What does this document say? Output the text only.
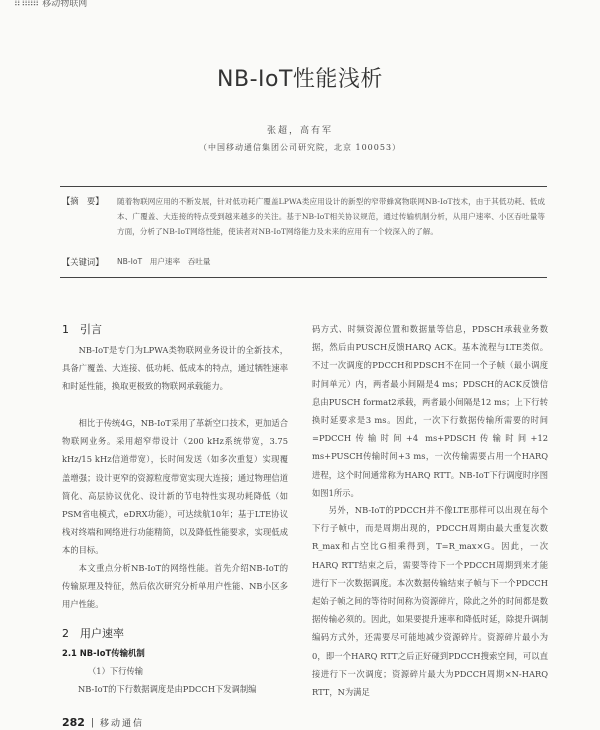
⠿ ⠿⠿⠿ 移动物联网
NB-IoT性能浅析
张超，高有军
（中国移动通信集团公司研究院，北京 100053）
【摘　要】 随着物联网应用的不断发展，针对低功耗广覆盖LPWA类应用设计的新型的窄带蜂窝物联网NB-IoT技术，由于其低功耗、低成本、广覆盖、大连接的特点受到越来越多的关注。基于NB-IoT相关协议规范，通过传输机制分析，从用户速率、小区吞吐量等方面，分析了NB-IoT网络性能，使读者对NB-IoT网络能力及未来的应用有一个较深入的了解。
【关键词】 NB-IoT　用户速率　吞吐量
1　引言
NB-IoT是专门为LPWA类物联网业务设计的全新技术，具备广覆盖、大连接、低功耗、低成本的特点，通过牺牲速率和时延性能，换取更极致的物联网承载能力。
相比于传统4G，NB-IoT采用了革新空口技术，更加适合物联网业务。采用超窄带设计（200 kHz系统带宽，3.75 kHz/15 kHz信道带宽），长时间发送（如多次重复）实现覆盖增强；设计更窄的资源粒度带宽实现大连接；通过物理信道简化、高层协议优化、设计新的节电特性实现功耗降低（如PSM省电模式，eDRX功能），可达续航10年；基于LTE协议栈对终端和网络进行功能精简，以及降低性能要求，实现低成本的目标。
本文重点分析NB-IoT的网络性能。首先介绍NB-IoT的传输原理及特征，然后依次研究分析单用户性能、NB小区多用户性能。
2　用户速率
2.1 NB-IoT传输机制
（1）下行传输
NB-IoT的下行数据调度是由PDCCH下发调制编
码方式、时频资源位置和数据量等信息，PDSCH承载业务数据，然后由PUSCH反馈HARQ ACK。基本流程与LTE类似。不过一次调度的PDCCH和PDSCH不在同一个子帧（最小调度时间单元）内，两者最小间隔是4 ms；PDSCH的ACK反馈信息由PUSCH format2承载，两者最小间隔是12 ms；上下行转换时延要求是3 ms。因此，一次下行数据传输所需要的时间=PDCCH传输时间+4 ms+PDSCH传输时间+12 ms+PUSCH传输时间+3 ms，一次传输需要占用一个HARQ进程，这个时间通常称为HARQ RTT。NB-IoT下行调度时序图如图1所示。
另外，NB-IoT的PDCCH并不像LTE那样可以出现在每个下行子帧中，而是周期出现的，PDCCH周期由最大重复次数R_max和占空比G相乘得到，T=R_max×G。因此，一次HARQ RTT结束之后，需要等待下一个PDCCH周期到来才能进行下一次数据调度。本次数据传输结束子帧与下一个PDCCH起始子帧之间的等待时间称为资源碎片，除此之外的时间都是数据传输必须的。因此，如果要提升速率和降低时延，除提升调制编码方式外，还需要尽可能地减少资源碎片。资源碎片最小为0，即一个HARQ RTT之后正好碰到PDCCH搜索空间，可以直接进行下一次调度；资源碎片最大为PDCCH周期×N-HARQ RTT，N为满足
282 | 移动通信
